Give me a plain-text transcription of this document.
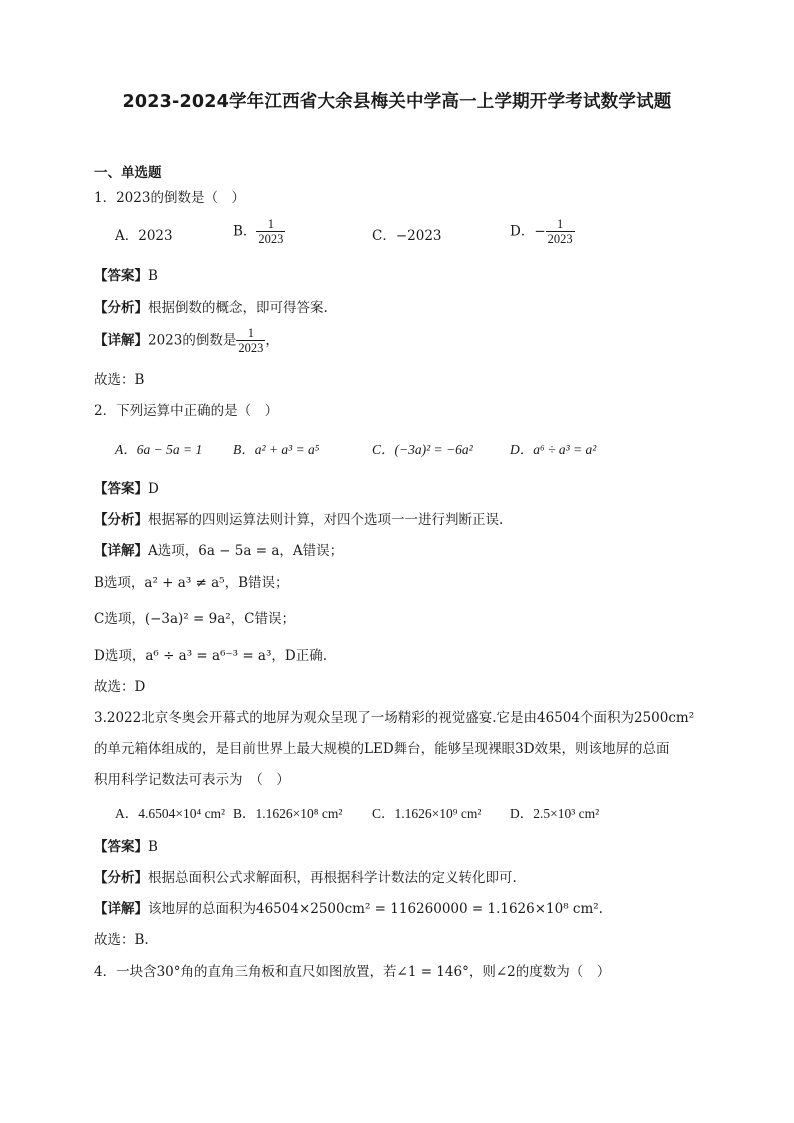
2023-2024学年江西省大余县梅关中学高一上学期开学考试数学试题
一、单选题
1．2023的倒数是（　）
A．2023	B． $\frac{1}{2023}$	C．−2023	D．− $\frac{1}{2023}$
【答案】B
【分析】根据倒数的概念，即可得答案.
【详解】2023的倒数是 $\frac{1}{2023}$ ，
故选：B
2．下列运算中正确的是（　）
A．6a − 5a = 1 B．a² + a³ = a⁵	C．(−3a)² = −6a²	D．a⁶ ÷ a³ = a²
【答案】D
【分析】根据幂的四则运算法则计算，对四个选项一一进行判断正误.
【详解】A选项，6a − 5a = a，A错误；
B选项，a² + a³ ≠ a⁵，B错误；
C选项，(−3a)² = 9a²，C错误；
D选项，a⁶ ÷ a³ = a⁶⁻³ = a³，D正确.
故选：D
3.2022北京冬奥会开幕式的地屏为观众呈现了一场精彩的视觉盛宴.它是由46504个面积为2500cm²
的单元箱体组成的，是目前世界上最大规模的LED舞台，能够呈现裸眼3D效果，则该地屏的总面
积用科学记数法可表示为　（　）
A．4.6504×10⁴ cm² B．1.1626×10⁸ cm² C．1.1626×10⁹ cm² D．2.5×10³ cm²
【答案】B
【分析】根据总面积公式求解面积，再根据科学计数法的定义转化即可.
【详解】该地屏的总面积为46504×2500cm² = 116260000 = 1.1626×10⁸ cm².
故选：B.
4．一块含30°角的直角三角板和直尺如图放置，若∠1 = 146°，则∠2的度数为（　）
